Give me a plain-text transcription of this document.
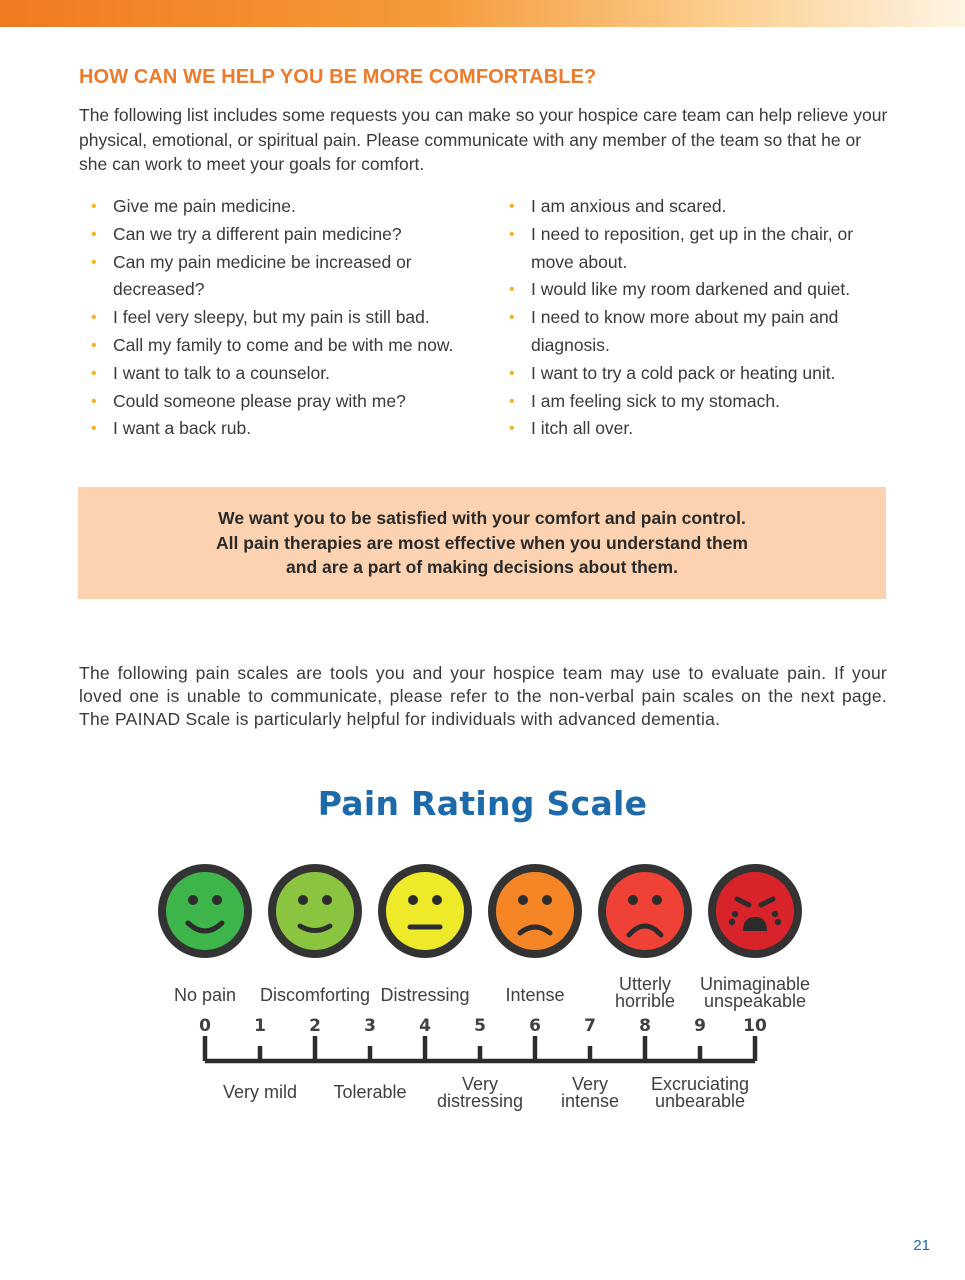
HOW CAN WE HELP YOU BE MORE COMFORTABLE?

The following list includes some requests you can make so your hospice care team can help relieve your physical, emotional, or spiritual pain. Please communicate with any member of the team so that he or she can work to meet your goals for comfort.

• Give me pain medicine.
• Can we try a different pain medicine?
• Can my pain medicine be increased or decreased?
• I feel very sleepy, but my pain is still bad.
• Call my family to come and be with me now.
• I want to talk to a counselor.
• Could someone please pray with me?
• I want a back rub.
• I am anxious and scared.
• I need to reposition, get up in the chair, or move about.
• I would like my room darkened and quiet.
• I need to know more about my pain and diagnosis.
• I want to try a cold pack or heating unit.
• I am feeling sick to my stomach.
• I itch all over.

We want you to be satisfied with your comfort and pain control.
All pain therapies are most effective when you understand them
and are a part of making decisions about them.

The following pain scales are tools you and your hospice team may use to evaluate pain. If your loved one is unable to communicate, please refer to the non-verbal pain scales on the next page. The PAINAD Scale is particularly helpful for individuals with advanced dementia.

Pain Rating Scale
No pain Discomforting Distressing Intense
Utterly
horrible
Unimaginable
unspeakable
0	1	2	3	4	5	6	7	8	9 10
Very mild Tolerable	Very
distressing
Very
intense
Excruciating
unbearable
21
